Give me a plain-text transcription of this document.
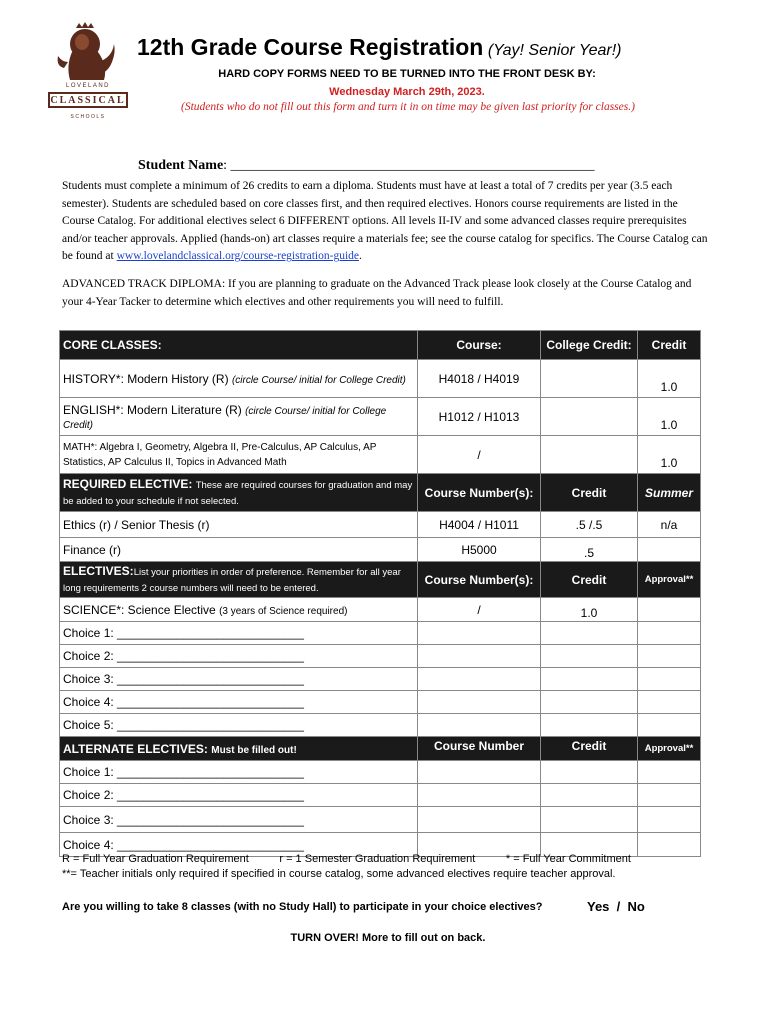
LOVELAND
CLASSICAL
SCHOOLS
12th Grade Course Registration (Yay! Senior Year!)
HARD COPY FORMS NEED TO BE TURNED INTO THE FRONT DESK BY:
Wednesday March 29th, 2023.
(Students who do not fill out this form and turn it in on time may be given last priority for classes.)
Student Name: ____________________________________________________
Students must complete a minimum of 26 credits to earn a diploma. Students must have at least a total of 7 credits per year (3.5 each semester). Students are scheduled based on core classes first, and then required electives. Honors course requirements are listed in the Course Catalog. For additional electives select 6 DIFFERENT options. All levels II-IV and some advanced classes require prerequisites and/or teacher approvals. Applied (hands-on) art classes require a materials fee; see the course catalog for specifics. The Course Catalog can be found at www.lovelandclassical.org/course-registration-guide.
ADVANCED TRACK DIPLOMA: If you are planning to graduate on the Advanced Track please look closely at the Course Catalog and your 4-Year Tacker to determine which electives and other requirements you will need to fulfill.
CORE CLASSES:	Course:	College Credit:	Credit
HISTORY*: Modern History (R) (circle Course/ initial for College Credit)	H4018 / H4019		1.0
ENGLISH*: Modern Literature (R) (circle Course/ initial for College Credit)	H1012 / H1013		1.0
MATH*: Algebra I, Geometry, Algebra II, Pre-Calculus, AP Calculus, AP Statistics, AP Calculus II, Topics in Advanced Math	/		1.0
REQUIRED ELECTIVE: These are required courses for graduation and may be added to your schedule if not selected.	Course Number(s):	Credit	Summer
Ethics (r) / Senior Thesis (r)	H4004 / H1011	.5 /.5	n/a
Finance (r)	H5000	.5	
ELECTIVES:List your priorities in order of preference. Remember for all year long requirements 2 course numbers will need to be entered.	Course Number(s):	Credit	Approval**
SCIENCE*: Science Elective (3 years of Science required)	/	1.0	
Choice 1: ____________________________			
Choice 2: ____________________________			
Choice 3: ____________________________			
Choice 4: ____________________________			
Choice 5: ____________________________			
ALTERNATE ELECTIVES: Must be filled out!	Course Number	Credit	Approval**
Choice 1: ____________________________			
Choice 2: ____________________________			
Choice 3: ____________________________			
Choice 4: ____________________________			
R = Full Year Graduation Requirement          r = 1 Semester Graduation Requirement          * = Full Year Commitment
**= Teacher initials only required if specified in course catalog, some advanced electives require teacher approval.
Are you willing to take 8 classes (with no Study Hall) to participate in your choice electives?	Yes  /  No
TURN OVER! More to fill out on back.
